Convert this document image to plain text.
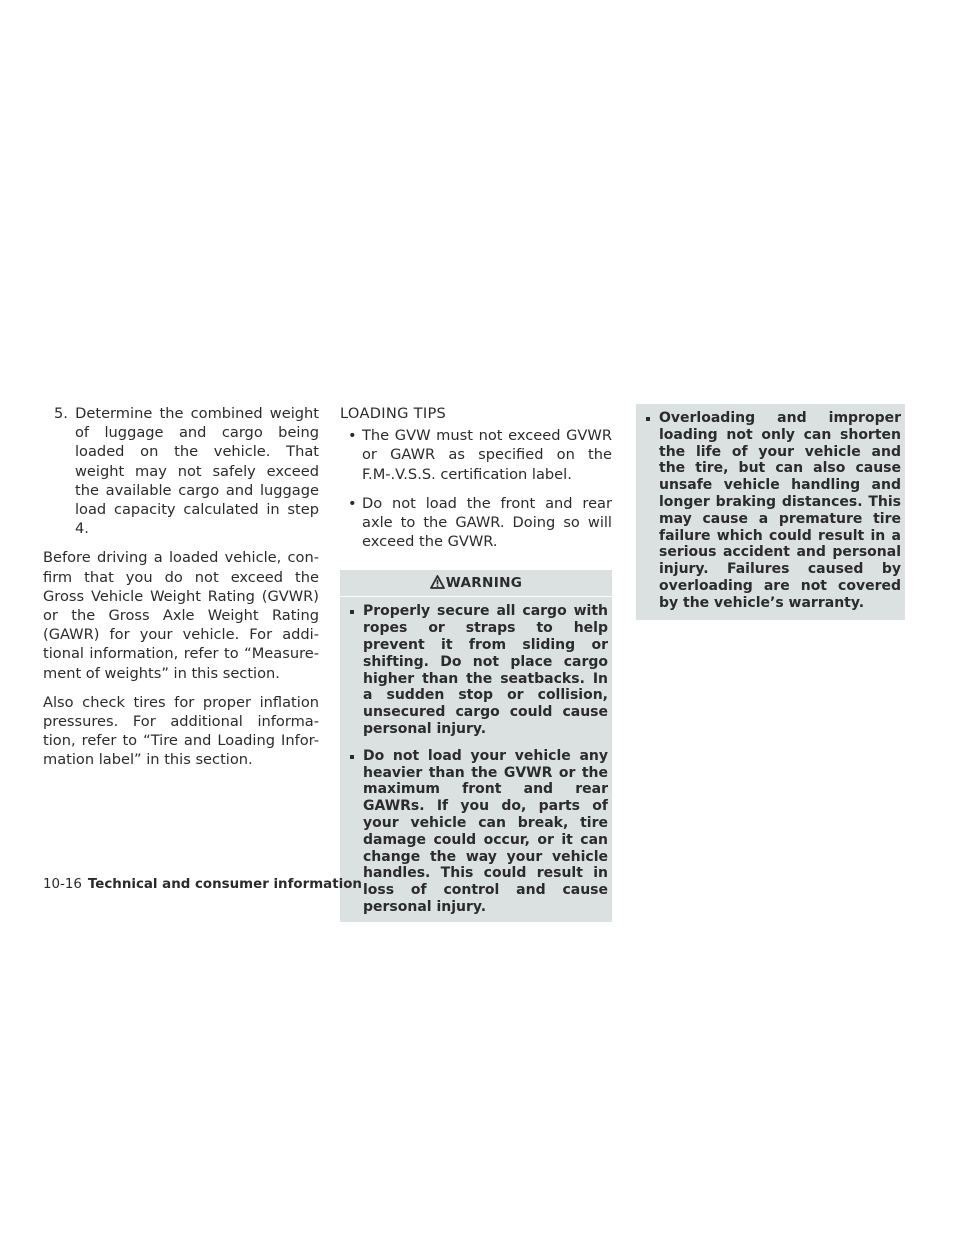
5. Determine the combined weight of luggage and cargo being loaded on the vehicle. That weight may not safely exceed the available cargo and luggage load capacity calculated in step 4.

Before driving a loaded vehicle, con-firm that you do not exceed the Gross Vehicle Weight Rating (GVWR) or the Gross Axle Weight Rating (GAWR) for your vehicle. For addi-tional information, refer to “Measure-ment of weights” in this section.

Also check tires for proper inflation pressures. For additional informa-tion, refer to “Tire and Loading Infor-mation label” in this section.

LOADING TIPS
• The GVW must not exceed GVWR or GAWR as specified on the F.M-.V.S.S. certification label.
• Do not load the front and rear axle to the GAWR. Doing so will exceed the GVWR.
WARNING
Properly secure all cargo with ropes or straps to help prevent it from sliding or shifting. Do not place cargo higher than the seatbacks. In a sudden stop or collision, unsecured cargo could cause personal injury.
Do not load your vehicle any heavier than the GVWR or the maximum front and rear GAWRs. If you do, parts of your vehicle can break, tire damage could occur, or it can change the way your vehicle handles. This could result in loss of control and cause personal injury.
Overloading and improper loading not only can shorten the life of your vehicle and the tire, but can also cause unsafe vehicle handling and longer braking distances. This may cause a premature tire failure which could result in a serious accident and personal injury. Failures caused by overloading are not covered by the vehicle’s warranty.
10-16 Technical and consumer information
